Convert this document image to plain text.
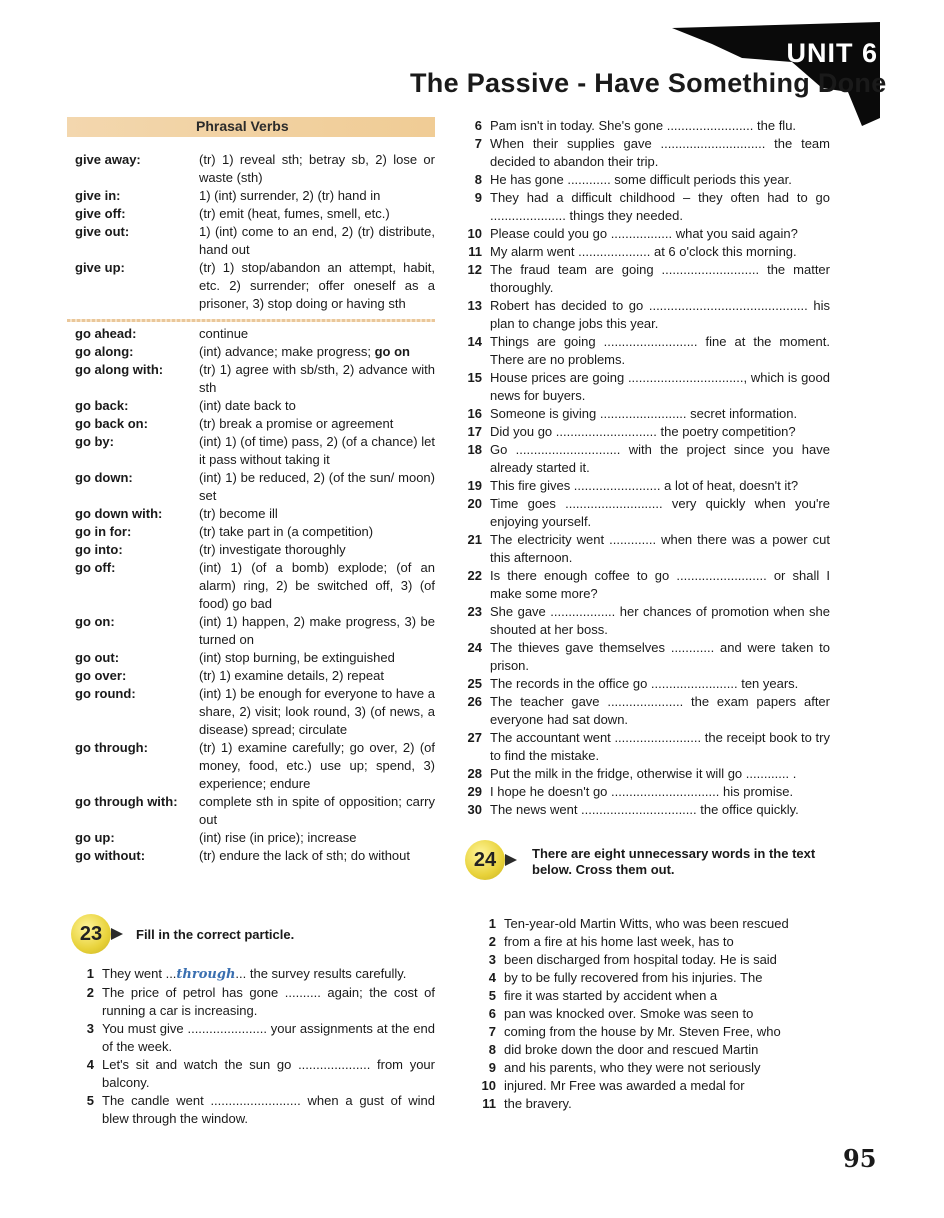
UNIT 6
The Passive - Have Something Done
Phrasal Verbs
give away:	(tr) 1) reveal sth; betray sb, 2) lose or waste (sth)
give in:	1) (int) surrender, 2) (tr) hand in
give off:	(tr) emit (heat, fumes, smell, etc.)
give out:	1) (int) come to an end, 2) (tr) distribute, hand out
give up:	(tr) 1) stop/abandon an attempt, habit, etc. 2) surrender; offer oneself as a prisoner, 3) stop doing or having sth
go ahead:	continue
go along:	(int) advance; make progress; go on
go along with:	(tr) 1) agree with sb/sth, 2) advance with sth
go back:	(int) date back to
go back on:	(tr) break a promise or agreement
go by:	(int) 1) (of time) pass, 2) (of a chance) let it pass without taking it
go down:	(int) 1) be reduced, 2) (of the sun/ moon) set
go down with:	(tr) become ill
go in for:	(tr) take part in (a competition)
go into:	(tr) investigate thoroughly
go off:	(int) 1) (of a bomb) explode; (of an alarm) ring, 2) be switched off, 3) (of food) go bad
go on:	(int) 1) happen, 2) make progress, 3) be turned on
go out:	(int) stop burning, be extinguished
go over:	(tr) 1) examine details, 2) repeat
go round:	(int) 1) be enough for everyone to have a share, 2) visit; look round, 3) (of news, a disease) spread; circulate
go through:	(tr) 1) examine carefully; go over, 2) (of money, food, etc.) use up; spend, 3) experience; endure
go through with:	complete sth in spite of opposition; carry out
go up:	(int) rise (in price); increase
go without:	(tr) endure the lack of sth; do without
23	Fill in the correct particle.
1 They went ...through... the survey results carefully.
2 The price of petrol has gone .......... again; the cost of running a car is increasing.
3 You must give ...................... your assignments at the end of the week.
4 Let's sit and watch the sun go .................... from your balcony.
5 The candle went ......................... when a gust of wind blew through the window.
6 Pam isn't in today. She's gone ........................ the flu.
7 When their supplies gave ............................. the team decided to abandon their trip.
8 He has gone ............ some difficult periods this year.
9 They had a difficult childhood – they often had to go ..................... things they needed.
10 Please could you go ................. what you said again?
11 My alarm went .................... at 6 o'clock this morning.
12 The fraud team are going ........................... the matter thoroughly.
13 Robert has decided to go ............................................ his plan to change jobs this year.
14 Things are going .......................... fine at the moment. There are no problems.
15 House prices are going ................................, which is good news for buyers.
16 Someone is giving ........................ secret information.
17 Did you go ............................ the poetry competition?
18 Go ............................. with the project since you have already started it.
19 This fire gives ........................ a lot of heat, doesn't it?
20 Time goes ........................... very quickly when you're enjoying yourself.
21 The electricity went ............. when there was a power cut this afternoon.
22 Is there enough coffee to go ......................... or shall I make some more?
23 She gave .................. her chances of promotion when she shouted at her boss.
24 The thieves gave themselves ............ and were taken to prison.
25 The records in the office go ........................ ten years.
26 The teacher gave ..................... the exam papers after everyone had sat down.
27 The accountant went ........................ the receipt book to try to find the mistake.
28 Put the milk in the fridge, otherwise it will go ............ .
29 I hope he doesn't go .............................. his promise.
30 The news went ................................ the office quickly.
24	There are eight unnecessary words in the text below. Cross them out.
1 Ten-year-old Martin Witts, who was been rescued
2 from a fire at his home last week, has to
3 been discharged from hospital today. He is said
4 by to be fully recovered from his injuries. The
5 fire it was started by accident when a
6 pan was knocked over. Smoke was seen to
7 coming from the house by Mr. Steven Free, who
8 did broke down the door and rescued Martin
9 and his parents, who they were not seriously
10 injured. Mr Free was awarded a medal for
11 the bravery.
95
